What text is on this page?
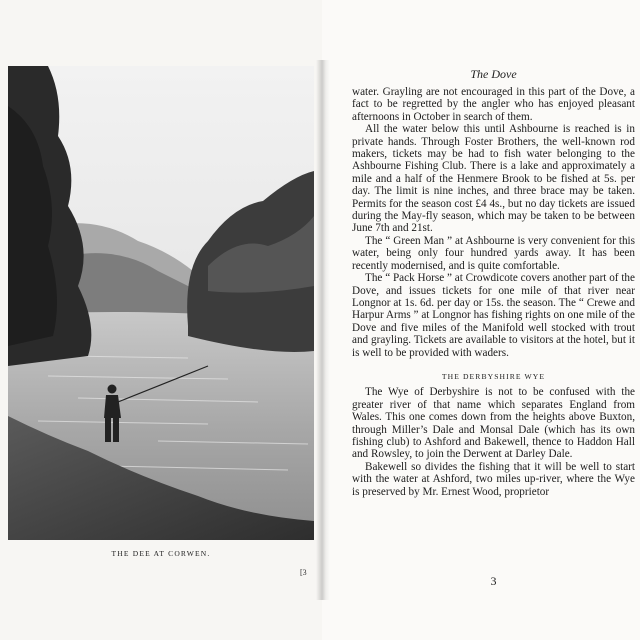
THE DEE AT CORWEN.
[3
The Dove

water. Grayling are not encouraged in this part of the Dove, a fact to be regretted by the angler who has enjoyed pleasant afternoons in October in search of them.

All the water below this until Ashbourne is reached is in private hands. Through Foster Brothers, the well-known rod makers, tickets may be had to fish water belonging to the Ashbourne Fishing Club. There is a lake and approximately a mile and a half of the Henmere Brook to be fished at 5s. per day. The limit is nine inches, and three brace may be taken. Permits for the season cost £4 4s., but no day tickets are issued during the May-fly season, which may be taken to be between June 7th and 21st.

The “ Green Man ” at Ashbourne is very convenient for this water, being only four hundred yards away. It has been recently modernised, and is quite comfortable.

The “ Pack Horse ” at Crowdicote covers another part of the Dove, and issues tickets for one mile of that river near Longnor at 1s. 6d. per day or 15s. the season. The “ Crewe and Harpur Arms ” at Longnor has fishing rights on one mile of the Dove and five miles of the Manifold well stocked with trout and grayling. Tickets are available to visitors at the hotel, but it is well to be provided with waders.

THE DERBYSHIRE WYE

The Wye of Derbyshire is not to be confused with the greater river of that name which separates England from Wales. This one comes down from the heights above Buxton, through Miller’s Dale and Monsal Dale (which has its own fishing club) to Ashford and Bakewell, thence to Haddon Hall and Rowsley, to join the Derwent at Darley Dale.

Bakewell so divides the fishing that it will be well to start with the water at Ashford, two miles up-river, where the Wye is preserved by Mr. Ernest Wood, proprietor

3
